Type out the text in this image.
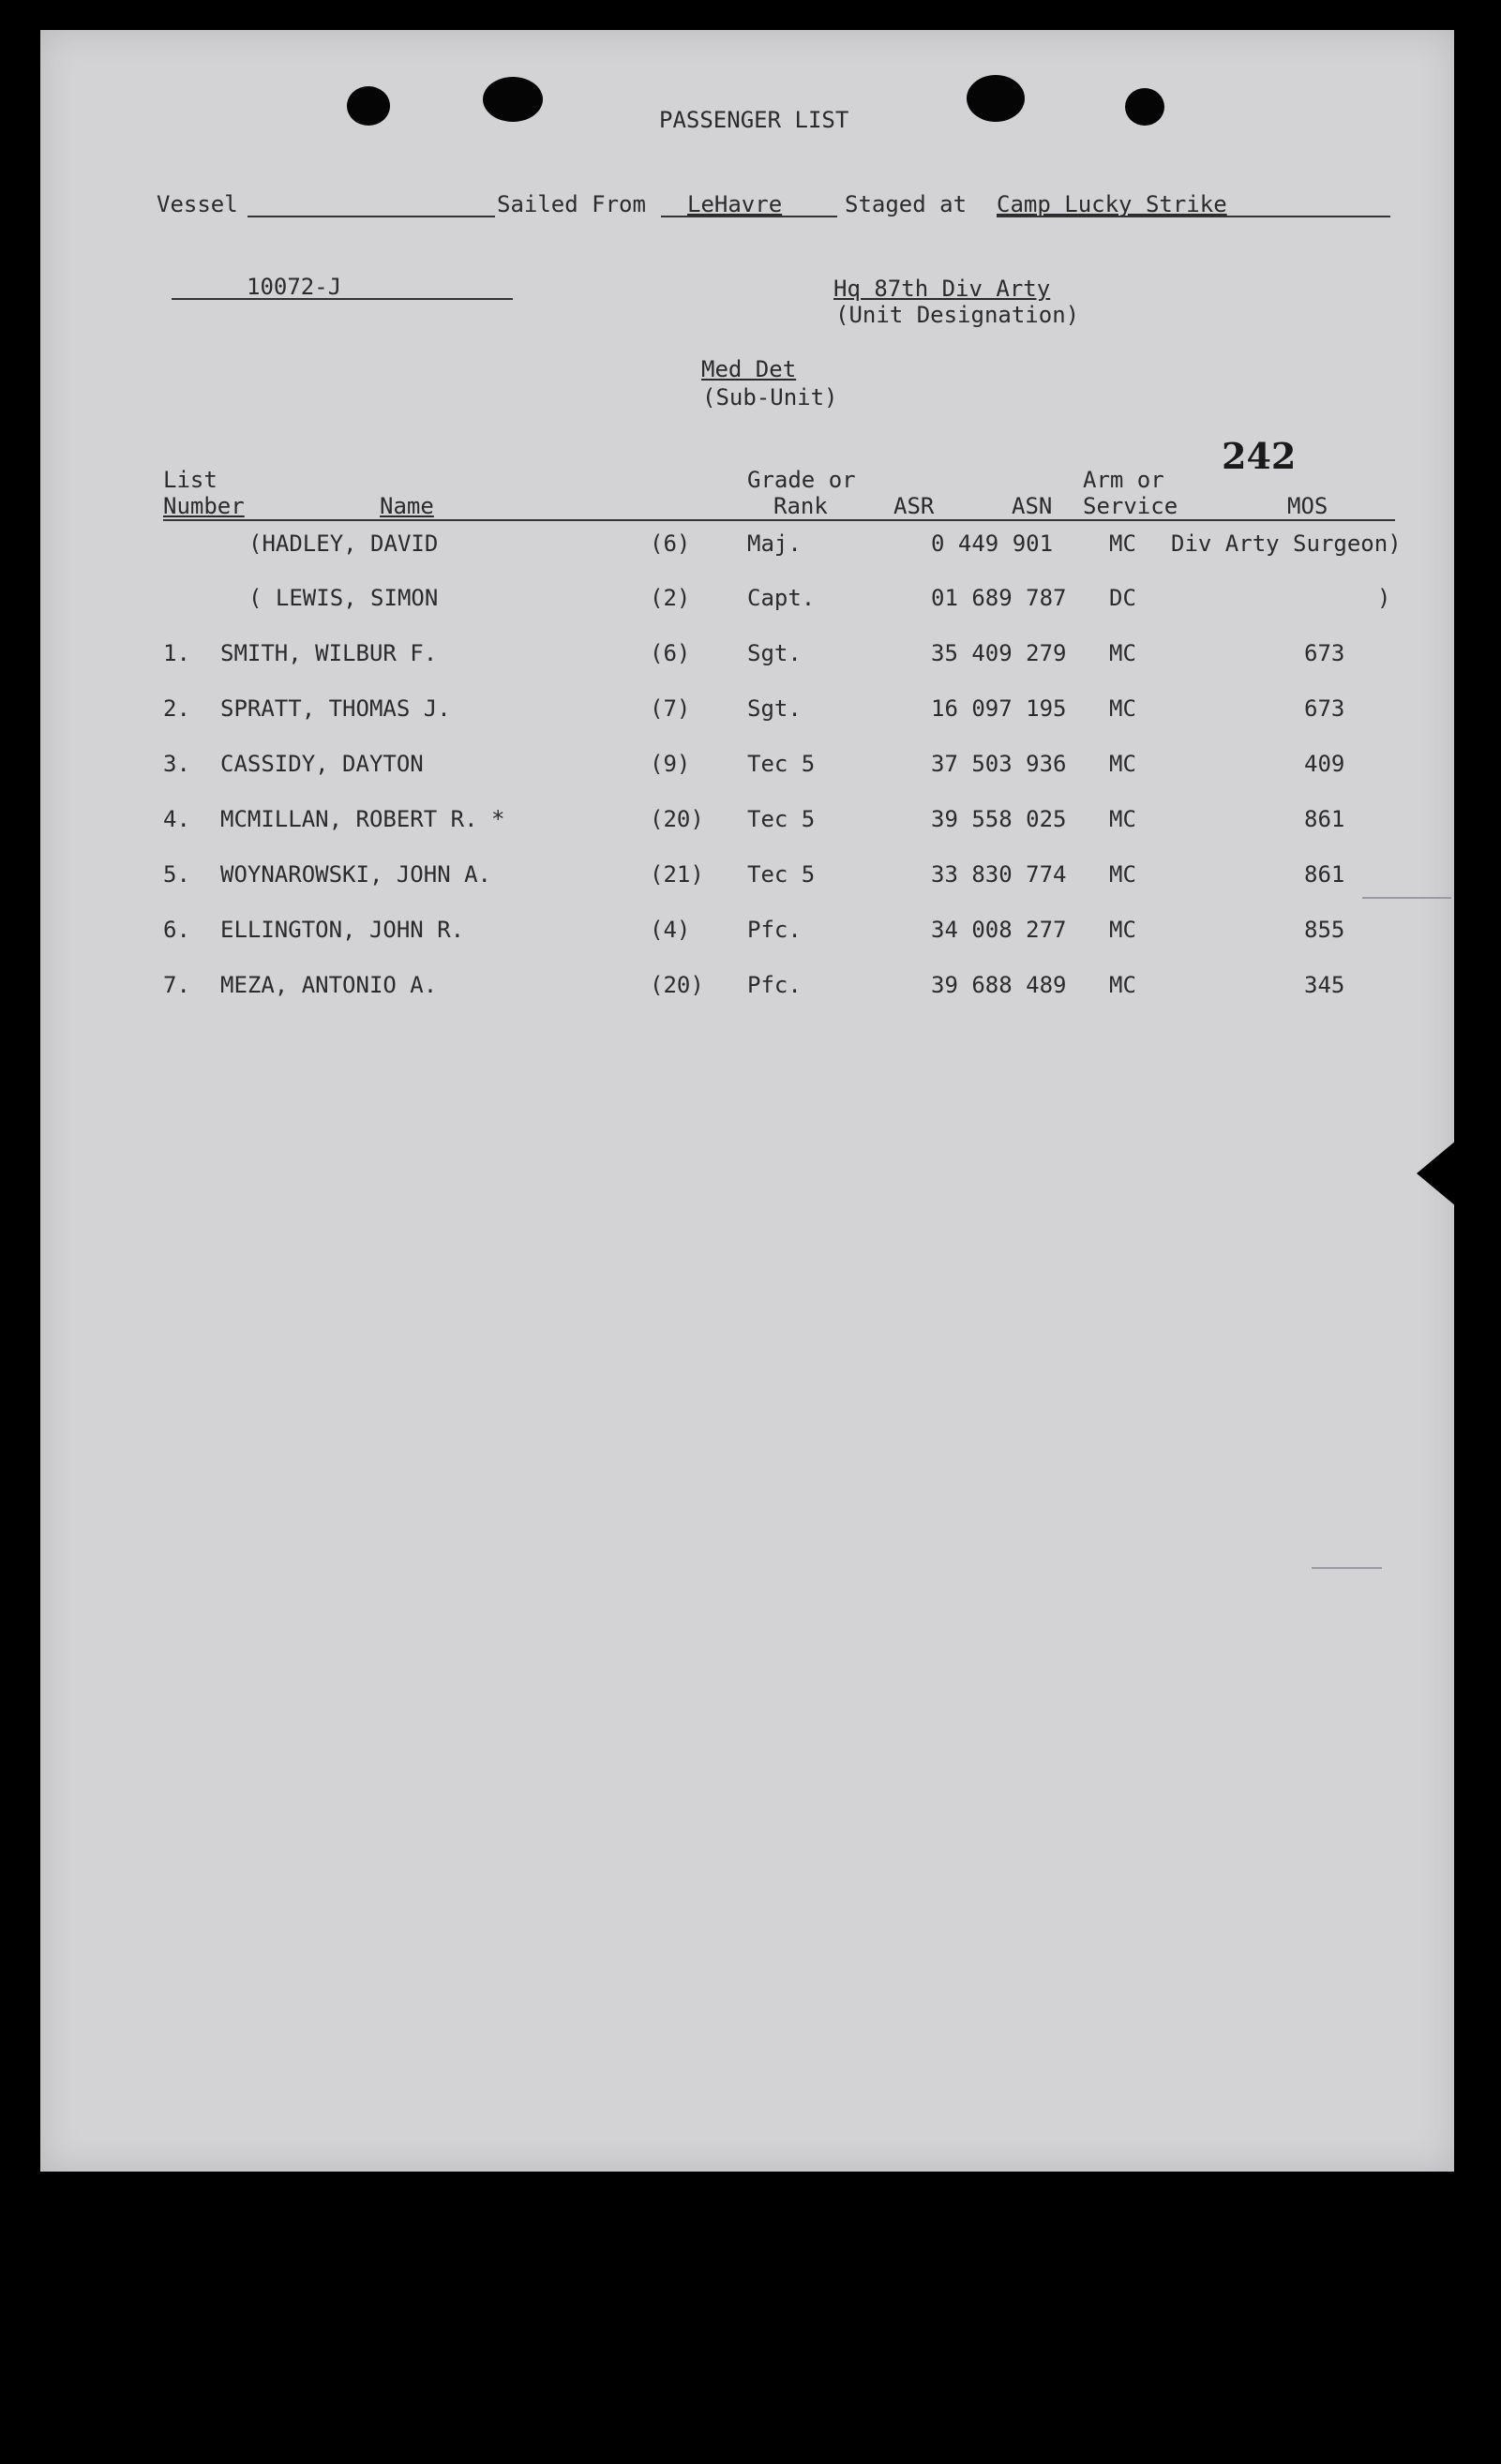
PASSENGER LIST
Vessel	Sailed From LeHavre	Staged at Camp Lucky Strike
10072-J	Hq 87th Div Arty
(Unit Designation)
Med Det
(Sub-Unit)
242
List
Number	Name
Grade or
Rank	ASR	ASN
Arm or
Service	MOS
(HADLEY, DAVID	(6)	Maj.	0 449 901 MC Div Arty Surgeon)
( LEWIS, SIMON	(2)	Capt.	01 689 787 DC	)
1. SMITH, WILBUR F.	(6)	Sgt.	35 409 279 MC	673
2. SPRATT, THOMAS J.	(7)	Sgt.	16 097 195 MC	673
3. CASSIDY, DAYTON	(9)	Tec 5	37 503 936 MC	409
4. MCMILLAN, ROBERT R. *	(20) Tec 5	39 558 025 MC	861
5. WOYNAROWSKI, JOHN A.	(21) Tec 5	33 830 774 MC	861
6. ELLINGTON, JOHN R.	(4)	Pfc.	34 008 277 MC	855
7. MEZA, ANTONIO A.	(20) Pfc.	39 688 489 MC	345
